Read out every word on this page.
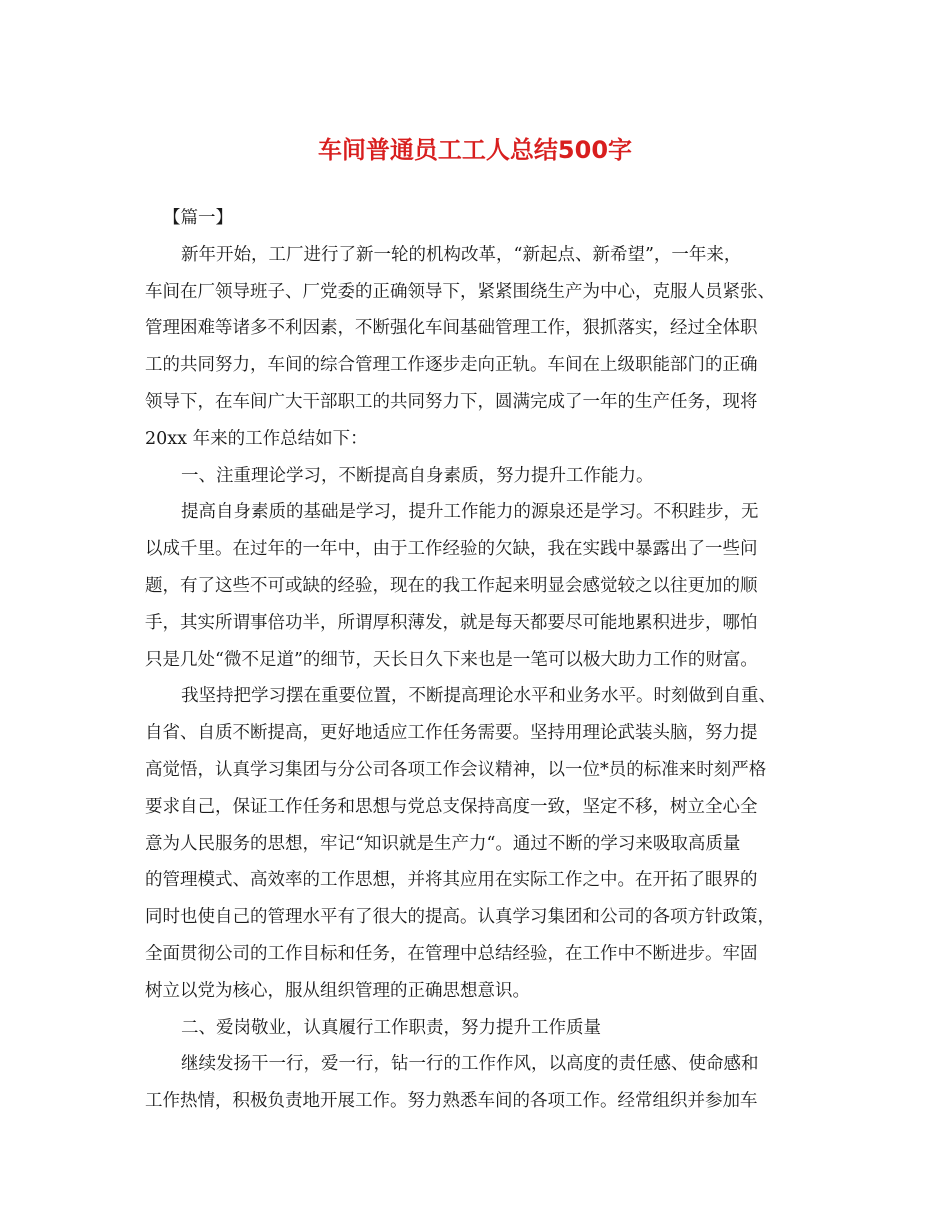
车间普通员工工人总结500字
【篇一】
新年开始，工厂进行了新一轮的机构改革，“新起点、新希望”，一年来，
车间在厂领导班子、厂党委的正确领导下，紧紧围绕生产为中心，克服人员紧张、
管理困难等诸多不利因素，不断强化车间基础管理工作，狠抓落实，经过全体职
工的共同努力，车间的综合管理工作逐步走向正轨。车间在上级职能部门的正确
领导下，在车间广大干部职工的共同努力下，圆满完成了一年的生产任务，现将
20xx 年来的工作总结如下：
一、注重理论学习，不断提高自身素质，努力提升工作能力。
提高自身素质的基础是学习，提升工作能力的源泉还是学习。不积跬步，无
以成千里。在过年的一年中，由于工作经验的欠缺，我在实践中暴露出了一些问
题，有了这些不可或缺的经验，现在的我工作起来明显会感觉较之以往更加的顺
手，其实所谓事倍功半，所谓厚积薄发，就是每天都要尽可能地累积进步，哪怕
只是几处“微不足道”的细节，天长日久下来也是一笔可以极大助力工作的财富。
我坚持把学习摆在重要位置，不断提高理论水平和业务水平。时刻做到自重、
自省、自质不断提高，更好地适应工作任务需要。坚持用理论武装头脑，努力提
高觉悟，认真学习集团与分公司各项工作会议精神，以一位*员的标准来时刻严格
要求自己，保证工作任务和思想与党总支保持高度一致，坚定不移，树立全心全
意为人民服务的思想，牢记“知识就是生产力“。通过不断的学习来吸取高质量
的管理模式、高效率的工作思想，并将其应用在实际工作之中。在开拓了眼界的
同时也使自己的管理水平有了很大的提高。认真学习集团和公司的各项方针政策，
全面贯彻公司的工作目标和任务，在管理中总结经验，在工作中不断进步。牢固
树立以党为核心，服从组织管理的正确思想意识。
二、爱岗敬业，认真履行工作职责，努力提升工作质量
继续发扬干一行，爱一行，钻一行的工作作风，以高度的责任感、使命感和
工作热情，积极负责地开展工作。努力熟悉车间的各项工作。经常组织并参加车
